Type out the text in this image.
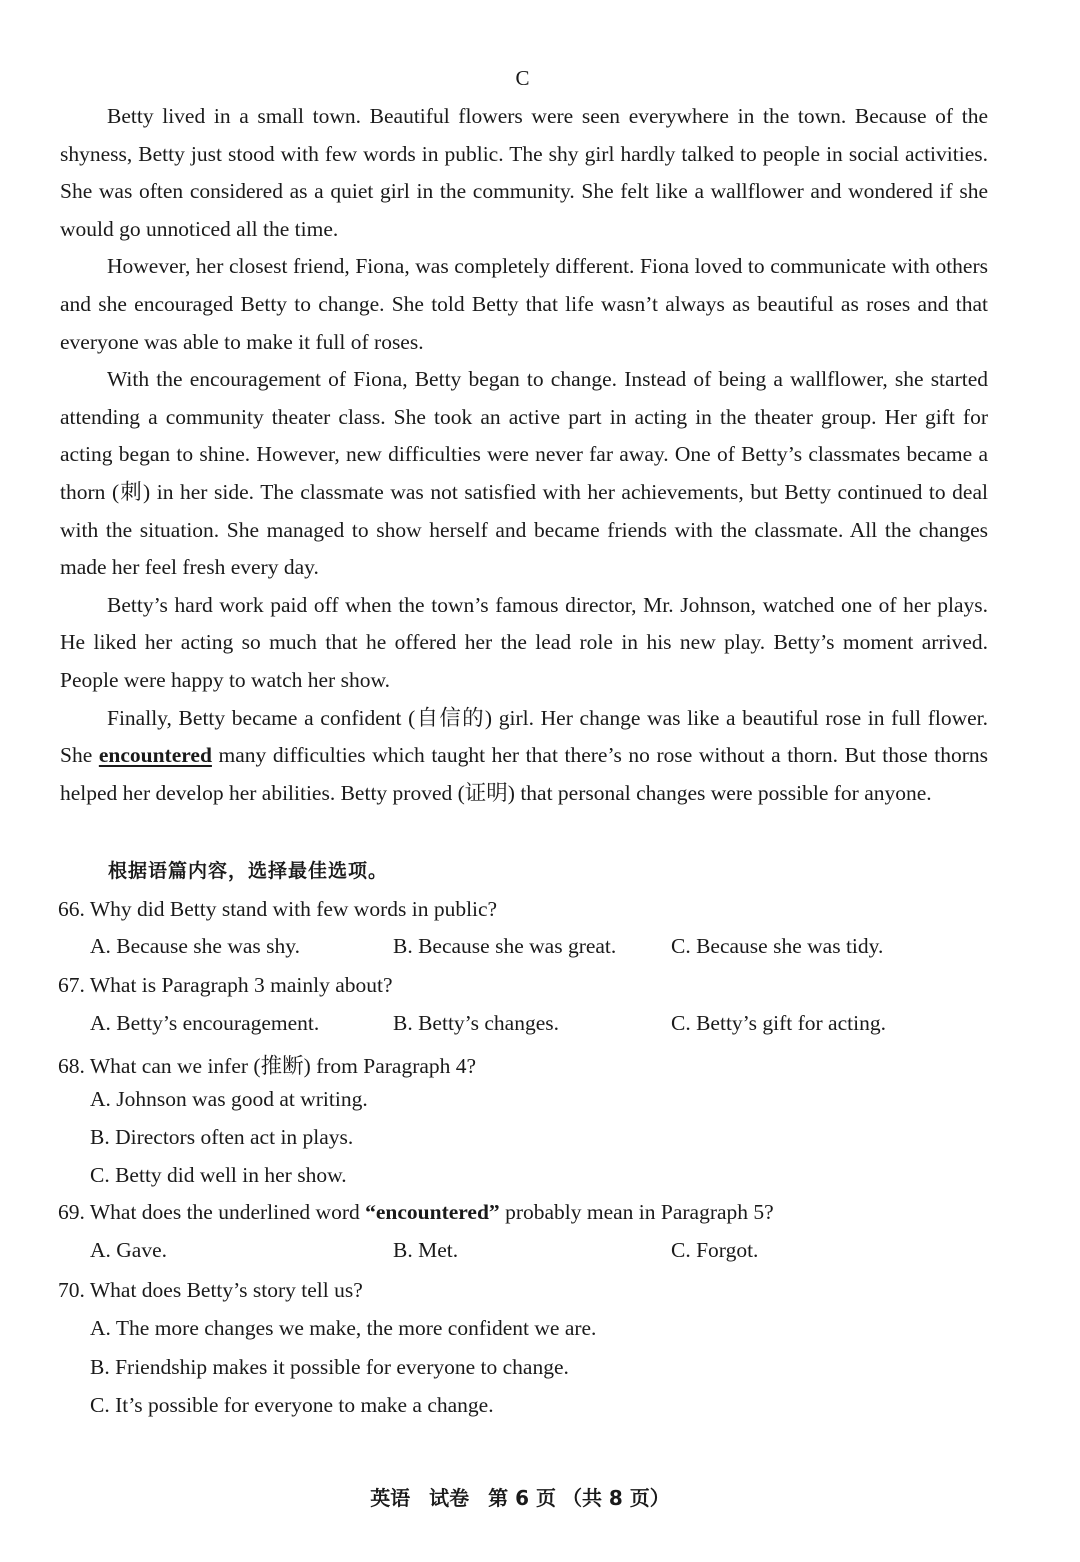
C

Betty lived in a small town. Beautiful flowers were seen everywhere in the town. Because of the shyness, Betty just stood with few words in public. The shy girl hardly talked to people in social activities. She was often considered as a quiet girl in the community. She felt like a wallflower and wondered if she would go unnoticed all the time.

However, her closest friend, Fiona, was completely different. Fiona loved to communicate with others and she encouraged Betty to change. She told Betty that life wasn’t always as beautiful as roses and that everyone was able to make it full of roses.

With the encouragement of Fiona, Betty began to change. Instead of being a wallflower, she started attending a community theater class. She took an active part in acting in the theater group. Her gift for acting began to shine. However, new difficulties were never far away. One of Betty’s classmates became a thorn (刺) in her side. The classmate was not satisfied with her achievements, but Betty continued to deal with the situation. She managed to show herself and became friends with the classmate. All the changes made her feel fresh every day.

Betty’s hard work paid off when the town’s famous director, Mr. Johnson, watched one of her plays. He liked her acting so much that he offered her the lead role in his new play. Betty’s moment arrived. People were happy to watch her show.

Finally, Betty became a confident (自信的) girl. Her change was like a beautiful rose in full flower. She encountered many difficulties which taught her that there’s no rose without a thorn. But those thorns helped her develop her abilities. Betty proved (证明) that personal changes were possible for anyone.

根据语篇内容，选择最佳选项。
66. Why did Betty stand with few words in public?
A. Because she was shy.	B. Because she was great.	C. Because she was tidy.
67. What is Paragraph 3 mainly about?
A. Betty’s encouragement.	B. Betty’s changes.	C. Betty’s gift for acting.
68. What can we infer (推断) from Paragraph 4?
A. Johnson was good at writing.
B. Directors often act in plays.
C. Betty did well in her show.
69. What does the underlined word “encountered” probably mean in Paragraph 5?
A. Gave.	B. Met.	C. Forgot.
70. What does Betty’s story tell us?
A. The more changes we make, the more confident we are.
B. Friendship makes it possible for everyone to change.
C. It’s possible for everyone to make a change.
英语 试卷 第 6 页 （共 8 页）
